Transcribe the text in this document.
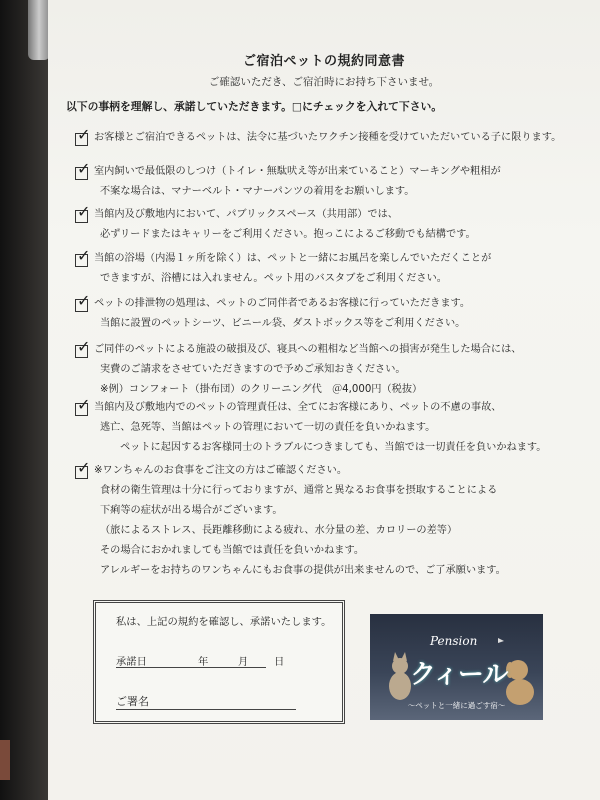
ご宿泊ペットの規約同意書
ご確認いただき、ご宿泊時にお持ち下さいませ。
以下の事柄を理解し、承諾していただきます。□にチェックを入れて下さい。
✓ お客様とご宿泊できるペットは、法令に基づいたワクチン接種を受けていただいている子に限ります。
✓ 室内飼いで最低限のしつけ（トイレ・無駄吠え等が出来ていること）マーキングや粗相が
不案な場合は、マナーベルト・マナーパンツの着用をお願いします。
✓ 当館内及び敷地内において、パブリックスペース（共用部）では、
必ずリードまたはキャリーをご利用ください。抱っこによるご移動でも結構です。
✓ 当館の浴場（内湯１ヶ所を除く）は、ペットと一緒にお風呂を楽しんでいただくことが
できますが、浴槽には入れません。ペット用のバスタブをご利用ください。
✓ ペットの排泄物の処理は、ペットのご同伴者であるお客様に行っていただきます。
当館に設置のペットシーツ、ビニール袋、ダストボックス等をご利用ください。
✓ ご同伴のペットによる施設の破損及び、寝具への粗相など当館への損害が発生した場合には、
実費のご請求をさせていただきますので予めご承知おきください。
※例）コンフォート（掛布団）のクリーニング代　＠4,000円（税抜）
✓ 当館内及び敷地内でのペットの管理責任は、全てにお客様にあり、ペットの不慮の事故、
逃亡、急死等、当館はペットの管理において一切の責任を負いかねます。
ペットに起因するお客様同士のトラブルにつきましても、当館では一切責任を負いかねます。
✓ ※ワンちゃんのお食事をご注文の方はご確認ください。
食材の衛生管理は十分に行っておりますが、通常と異なるお食事を摂取することによる
下痢等の症状が出る場合がございます。
（旅によるストレス、長距離移動による疲れ、水分量の差、カロリーの差等）
その場合におかれましても当館では責任を負いかねます。
アレルギーをお持ちのワンちゃんにもお食事の提供が出来ませんので、ご了承願います。
私は、上記の規約を確認し、承諾いたします。
承諾日	年	月 日
ご署名
Pension
クィール
〜ペットと一緒に過ごす宿〜
